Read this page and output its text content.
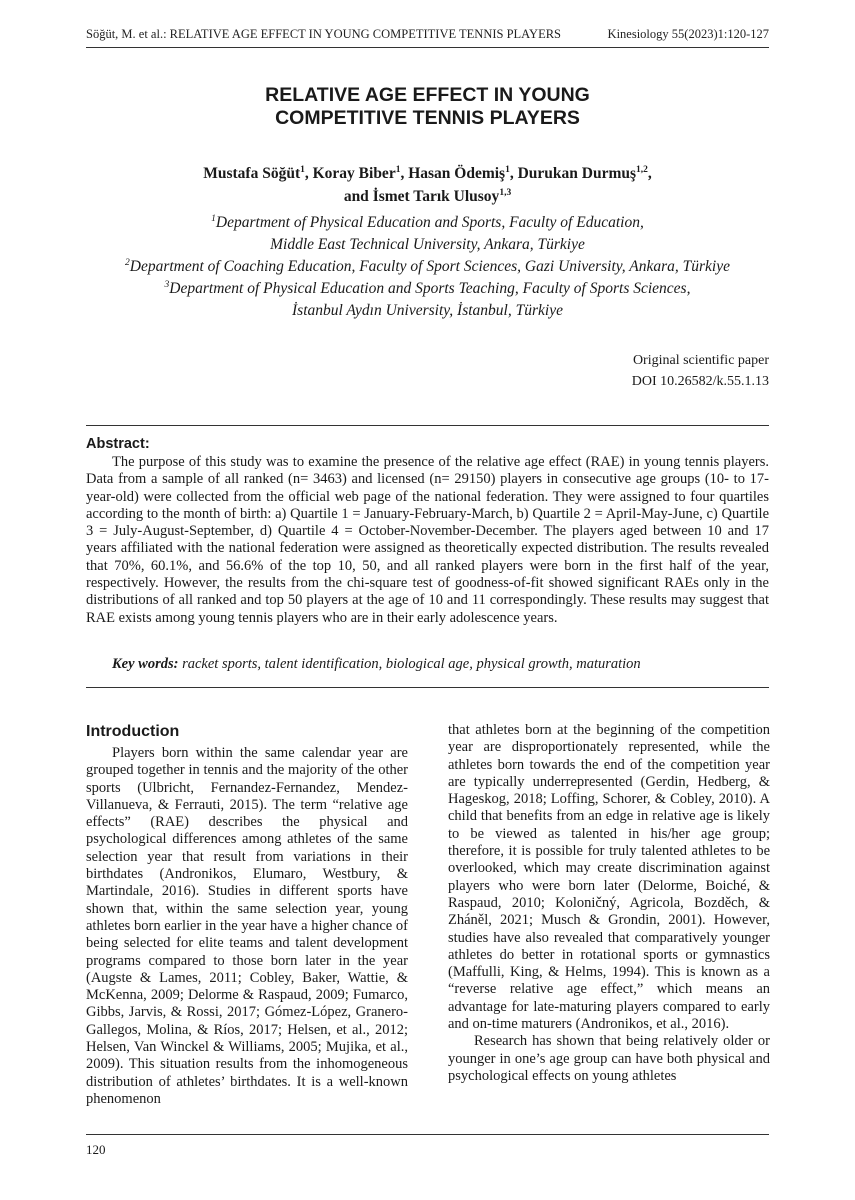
Söğüt, M. et al.: RELATIVE AGE EFFECT IN YOUNG COMPETITIVE TENNIS PLAYERS	Kinesiology 55(2023)1:120-127
RELATIVE AGE EFFECT IN YOUNG
COMPETITIVE TENNIS PLAYERS
Mustafa Söğüt$^1$, Koray Biber$^1$, Hasan Ödemiş$^1$, Durukan Durmuş$^{1,2}$,
and İsmet Tarık Ulusoy$^{1,3}$
$^1$Department of Physical Education and Sports, Faculty of Education,
Middle East Technical University, Ankara, Türkiye
$^2$Department of Coaching Education, Faculty of Sport Sciences, Gazi University, Ankara, Türkiye
$^3$Department of Physical Education and Sports Teaching, Faculty of Sports Sciences,
İstanbul Aydın University, İstanbul, Türkiye
Original scientific paper
DOI 10.26582/k.55.1.13
Abstract:
The purpose of this study was to examine the presence of the relative age effect (RAE) in young tennis players. Data from a sample of all ranked (n= 3463) and licensed (n= 29150) players in consecutive age groups (10- to 17-year-old) were collected from the official web page of the national federation. They were assigned to four quartiles according to the month of birth: a) Quartile 1 = January-February-March, b) Quartile 2 = April-May-June, c) Quartile 3 = July-August-September, d) Quartile 4 = October-November-December. The players aged between 10 and 17 years affiliated with the national federation were assigned as theoretically expected distribution. The results revealed that 70%, 60.1%, and 56.6% of the top 10, 50, and all ranked players were born in the first half of the year, respectively. However, the results from the chi-square test of goodness-of-fit showed significant RAEs only in the distributions of all ranked and top 50 players at the age of 10 and 11 correspondingly. These results may suggest that RAE exists among young tennis players who are in their early adolescence years.
Key words: racket sports, talent identification, biological age, physical growth, maturation
Introduction

Players born within the same calendar year are grouped together in tennis and the majority of the other sports (Ulbricht, Fernandez-Fernandez, Mendez-Villanueva, & Ferrauti, 2015). The term “relative age effects” (RAE) describes the physical and psychological differences among athletes of the same selection year that result from variations in their birthdates (Andronikos, Elumaro, Westbury, & Martindale, 2016). Studies in different sports have shown that, within the same selection year, young athletes born earlier in the year have a higher chance of being selected for elite teams and talent development programs compared to those born later in the year (Augste & Lames, 2011; Cobley, Baker, Wattie, & McKenna, 2009; Delorme & Raspaud, 2009; Fumarco, Gibbs, Jarvis, & Rossi, 2017; Gómez-López, Granero-Gallegos, Molina, & Ríos, 2017; Helsen, et al., 2012; Helsen, Van Winckel & Williams, 2005; Mujika, et al., 2009). This situation results from the inhomogeneous distribution of athletes’ birthdates. It is a well-known phenomenon

that athletes born at the beginning of the competition year are disproportionately represented, while the athletes born towards the end of the competition year are typically underrepresented (Gerdin, Hedberg, & Hageskog, 2018; Loffing, Schorer, & Cobley, 2010). A child that benefits from an edge in relative age is likely to be viewed as talented in his/her age group; therefore, it is possible for truly talented athletes to be overlooked, which may create discrimination against players who were born later (Delorme, Boiché, & Raspaud, 2010; Koloničný, Agricola, Bozděch, & Zháněl, 2021; Musch & Grondin, 2001). However, studies have also revealed that comparatively younger athletes do better in rotational sports or gymnastics (Maffulli, King, & Helms, 1994). This is known as a “reverse relative age effect,” which means an advantage for late-maturing players compared to early and on-time maturers (Andronikos, et al., 2016).

Research has shown that being relatively older or younger in one’s age group can have both physical and psychological effects on young athletes

120
